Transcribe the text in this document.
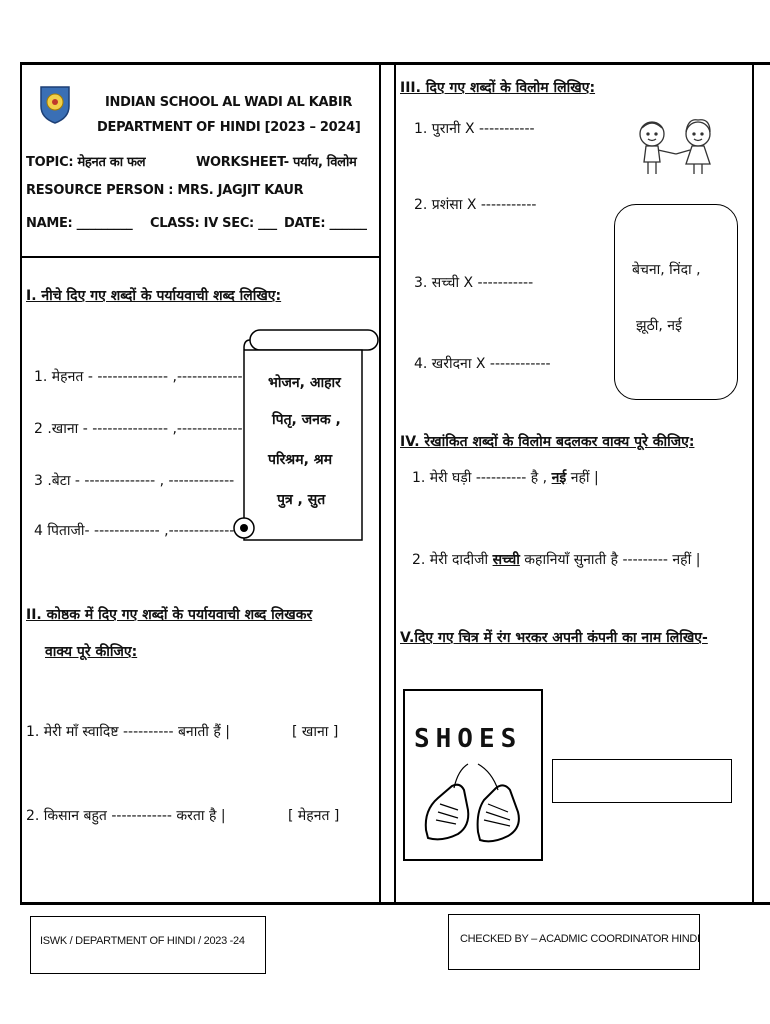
INDIAN SCHOOL AL WADI AL KABIR
DEPARTMENT OF HINDI [2023 – 2024]
TOPIC: मेहनत का फल	WORKSHEET- पर्याय, विलोम
RESOURCE PERSON : MRS. JAGJIT KAUR
NAME: _________ CLASS: IV SEC: ___ DATE: ______
I. नीचे दिए गए शब्दों के पर्यायवाची शब्द लिखिए:
1. मेहनत - -------------- ,-------------
2 .खाना - --------------- ,-------------
3 .बेटा - -------------- , -------------
4 पिताजी- ------------- ,-------------
भोजन, आहार
पितृ, जनक ,
परिश्रम, श्रम
पुत्र , सुत
II. कोष्ठक में दिए गए शब्दों के पर्यायवाची शब्द लिखकर
वाक्य पूरे कीजिए:
1. मेरी माँ स्वादिष्ट ---------- बनाती हैं |	[ खाना ]
2. किसान बहुत ------------ करता है |	[ मेहनत ]
III. दिए गए शब्दों के विलोम लिखिए:
1. पुरानी X -----------
2. प्रशंसा X -----------
3. सच्ची X -----------
4. खरीदना X ------------
बेचना, निंदा ,
झूठी, नई
IV. रेखांकित शब्दों के विलोम बदलकर वाक्य पूरे कीजिए:
1. मेरी घड़ी ---------- है , नई नहीं |
2. मेरी दादीजी सच्ची कहानियाँ सुनाती है --------- नहीं |
V.दिए गए चित्र में रंग भरकर अपनी कंपनी का नाम लिखिए-
SHOES
ISWK / DEPARTMENT OF HINDI / 2023 -24	CHECKED BY – ACADMIC COORDINATOR HINDI
